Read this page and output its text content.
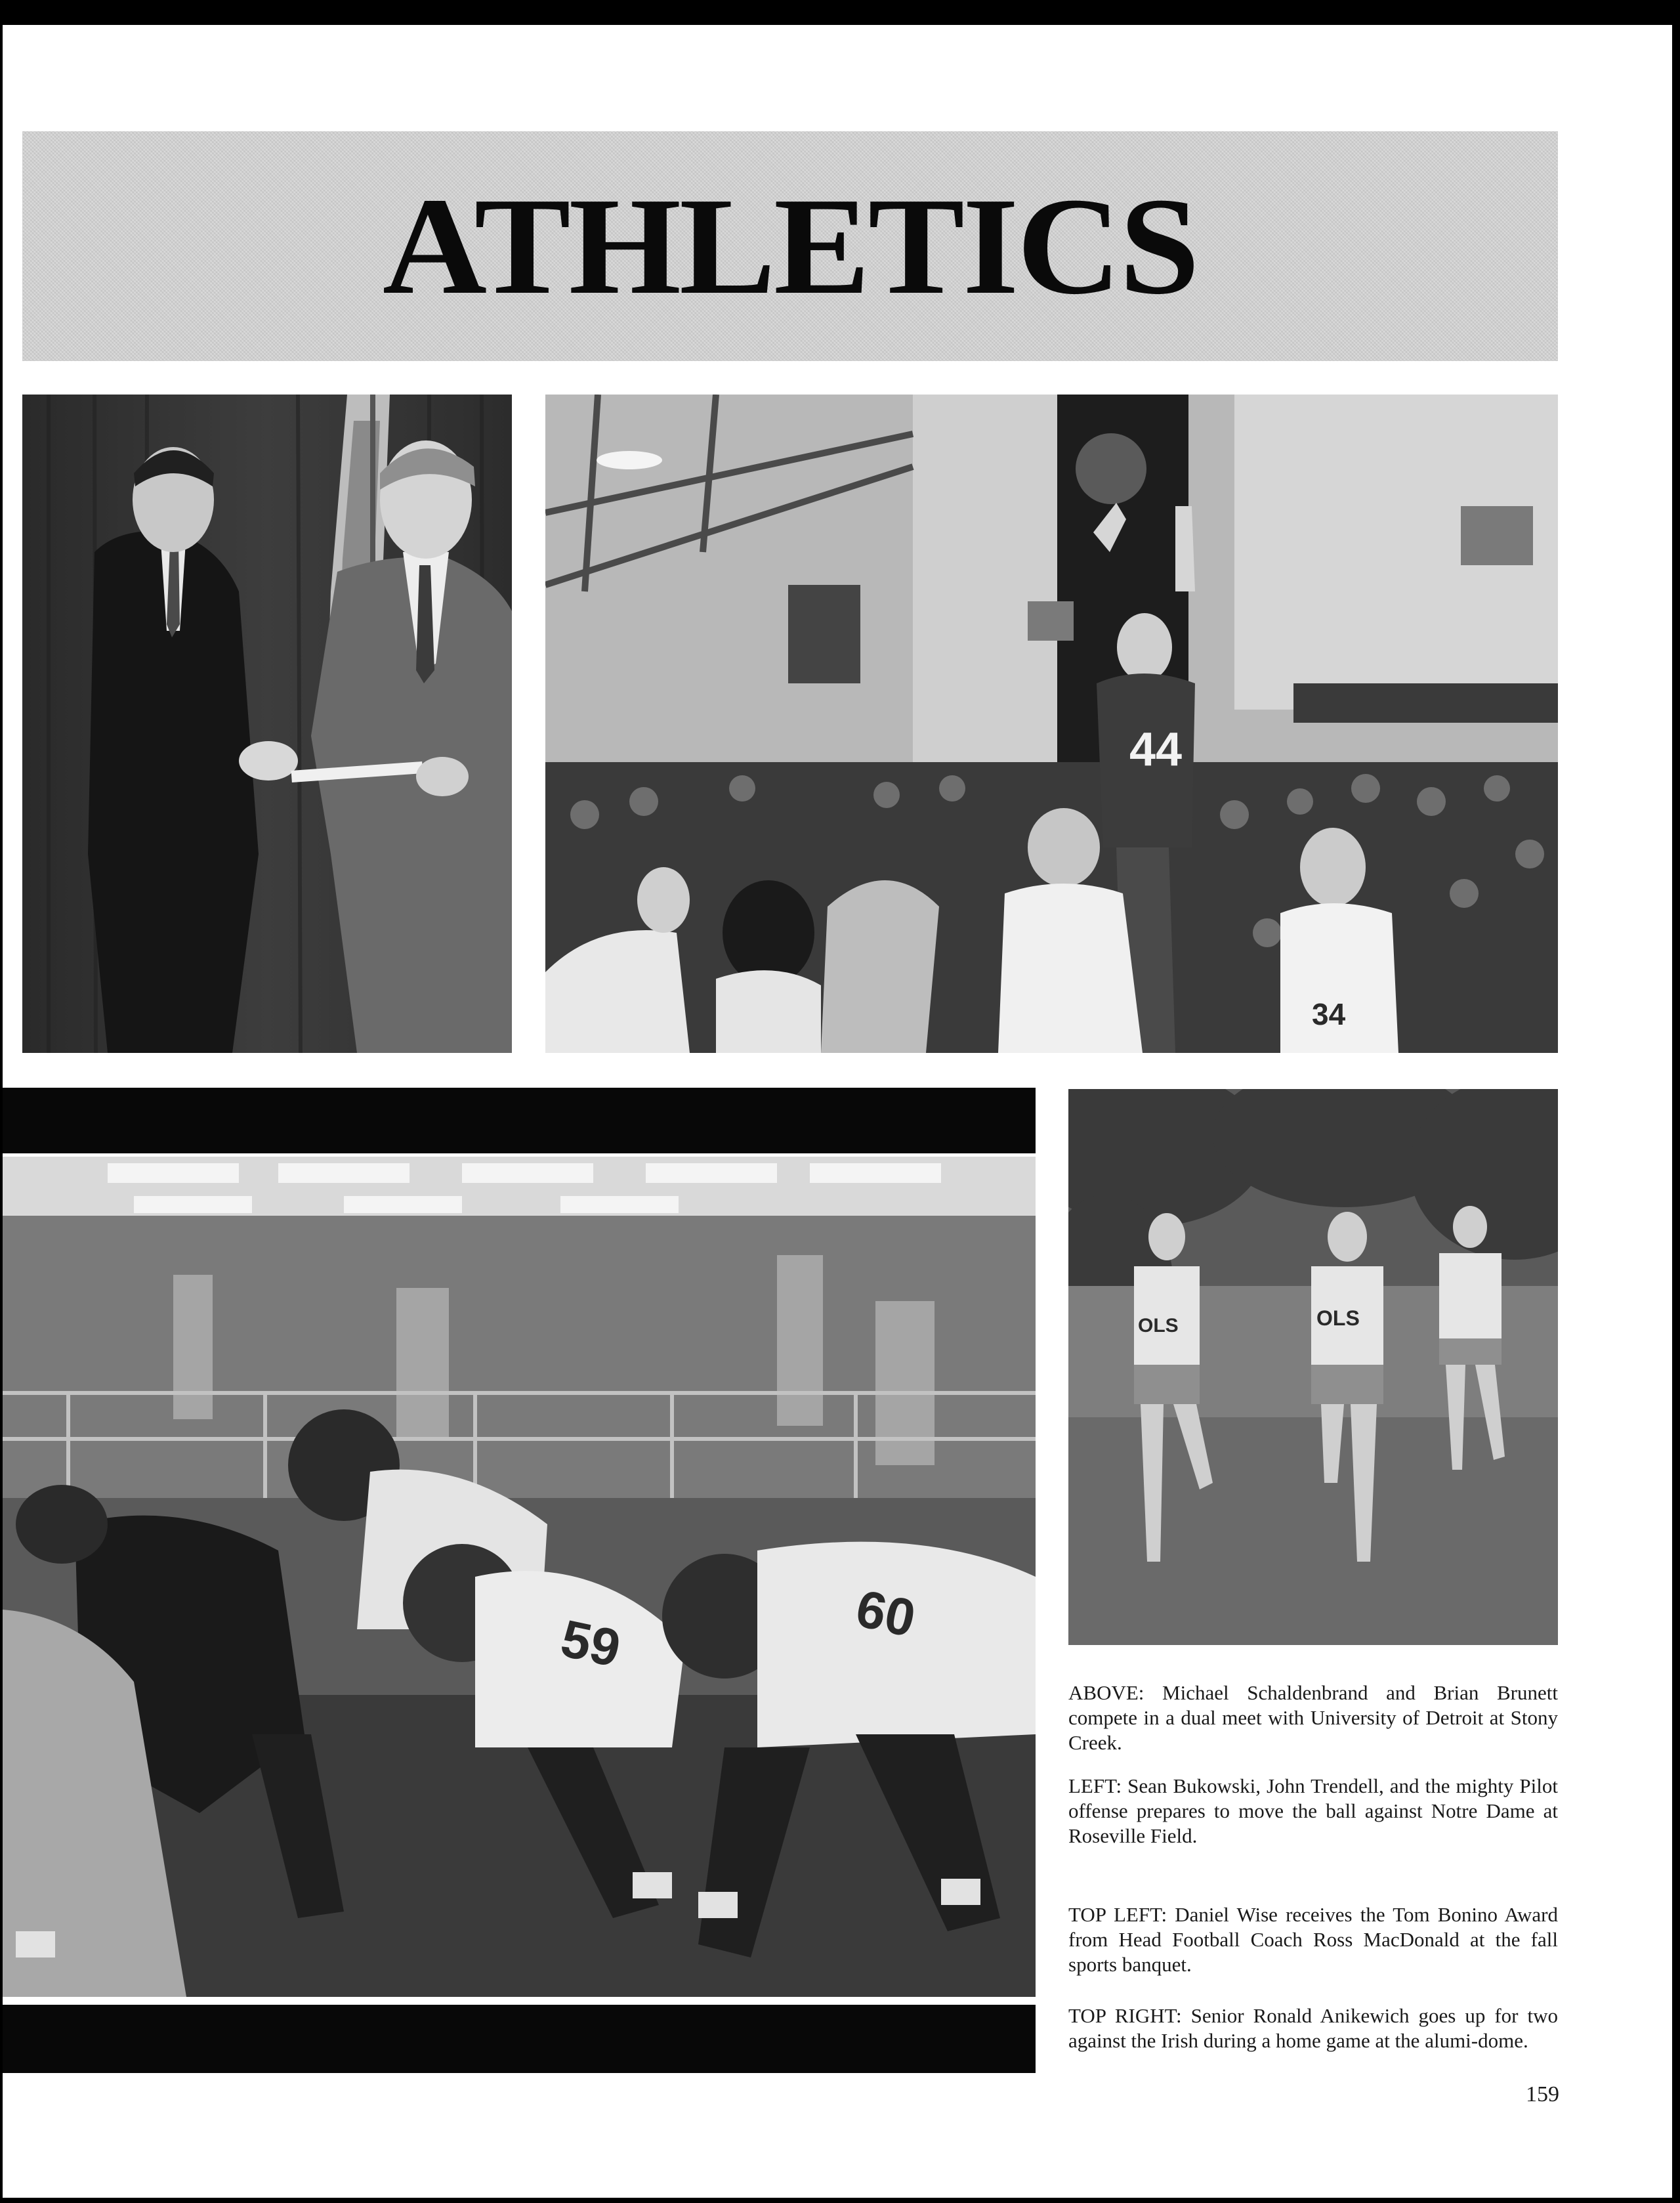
ATHLETICS
44
34
59	60
OLS	OLS

ABOVE: Michael Schaldenbrand and Brian Brunett compete in a dual meet with University of Detroit at Stony Creek.

LEFT: Sean Bukowski, John Trendell, and the mighty Pilot offense prepares to move the ball against Notre Dame at Roseville Field.

TOP LEFT: Daniel Wise receives the Tom Bonino Award from Head Football Coach Ross MacDonald at the fall sports banquet.

TOP RIGHT: Senior Ronald Anikewich goes up for two against the Irish during a home game at the alumi-dome.

159
